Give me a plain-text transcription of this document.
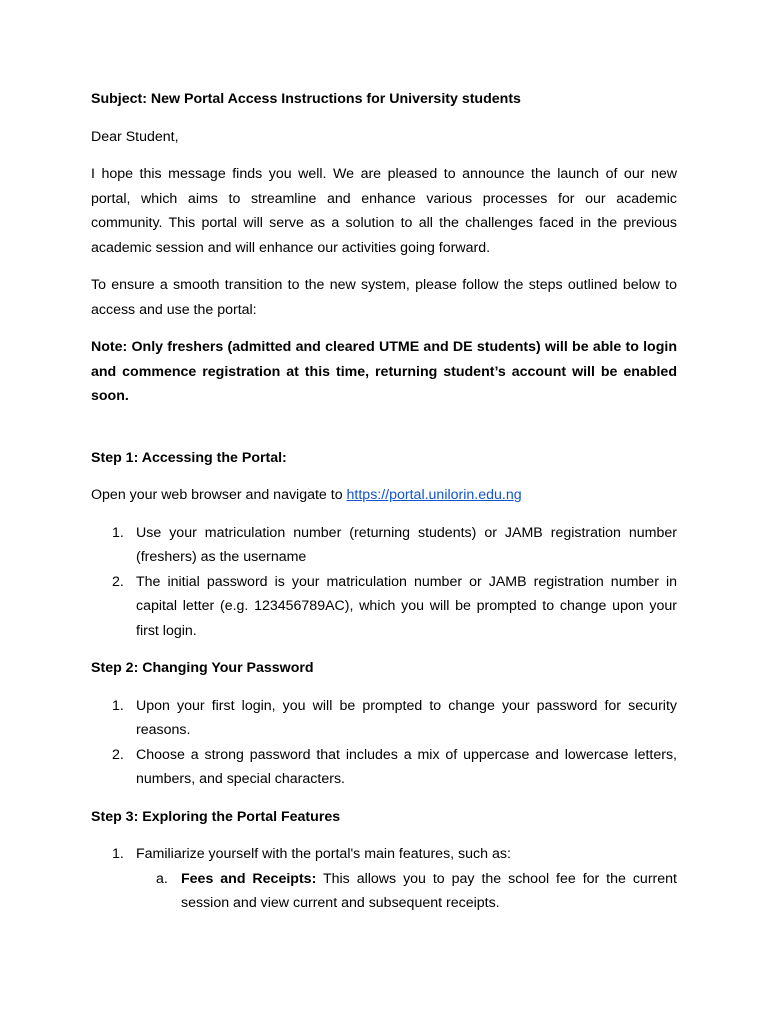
Subject: New Portal Access Instructions for University students

Dear Student,

I hope this message finds you well. We are pleased to announce the launch of our new portal, which aims to streamline and enhance various processes for our academic community. This portal will serve as a solution to all the challenges faced in the previous academic session and will enhance our activities going forward.

To ensure a smooth transition to the new system, please follow the steps outlined below to access and use the portal:

Note: Only freshers (admitted and cleared UTME and DE students) will be able to login and commence registration at this time, returning student’s account will be enabled soon.

Step 1: Accessing the Portal:

Open your web browser and navigate to https://portal.unilorin.edu.ng

1. Use your matriculation number (returning students) or JAMB registration number (freshers) as the username
2. The initial password is your matriculation number or JAMB registration number in capital letter (e.g. 123456789AC), which you will be prompted to change upon your first login.

Step 2: Changing Your Password

1. Upon your first login, you will be prompted to change your password for security reasons.
2. Choose a strong password that includes a mix of uppercase and lowercase letters, numbers, and special characters.

Step 3: Exploring the Portal Features

1. Familiarize yourself with the portal's main features, such as:
a. Fees and Receipts: This allows you to pay the school fee for the current session and view current and subsequent receipts.
